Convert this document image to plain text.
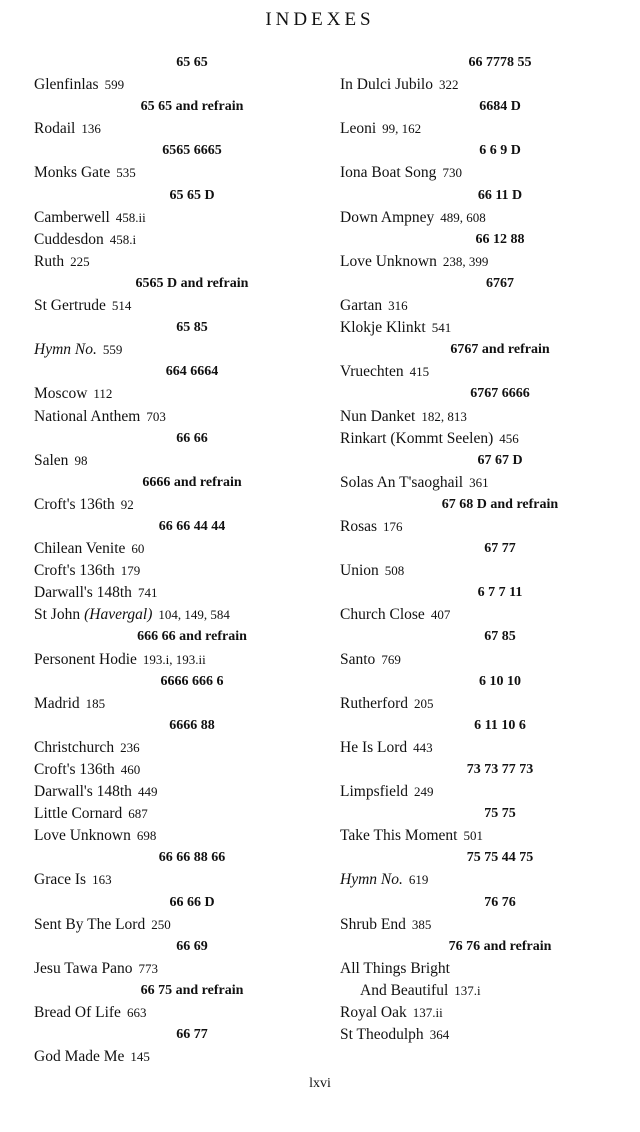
INDEXES
65 65
Glenfinlas 599
65 65 and refrain
Rodail 136
6565 6665
Monks Gate 535
65 65 D
Camberwell 458.ii
Cuddesdon 458.i
Ruth 225
6565 D and refrain
St Gertrude 514
65 85
Hymn No. 559
664 6664
Moscow 112
National Anthem 703
66 66
Salen 98
6666 and refrain
Croft's 136th 92
66 66 44 44
Chilean Venite 60
Croft's 136th 179
Darwall's 148th 741
St John (Havergal) 104, 149, 584
666 66 and refrain
Personent Hodie 193.i, 193.ii
6666 666 6
Madrid 185
6666 88
Christchurch 236
Croft's 136th 460
Darwall's 148th 449
Little Cornard 687
Love Unknown 698
66 66 88 66
Grace Is 163
66 66 D
Sent By The Lord 250
66 69
Jesu Tawa Pano 773
66 75 and refrain
Bread Of Life 663
66 77
God Made Me 145
66 7778 55
In Dulci Jubilo 322
6684 D
Leoni 99, 162
6 6 9 D
Iona Boat Song 730
66 11 D
Down Ampney 489, 608
66 12 88
Love Unknown 238, 399
6767
Gartan 316
Klokje Klinkt 541
6767 and refrain
Vruechten 415
6767 6666
Nun Danket 182, 813
Rinkart (Kommt Seelen) 456
67 67 D
Solas An T'saoghail 361
67 68 D and refrain
Rosas 176
67 77
Union 508
6 7 7 11
Church Close 407
67 85
Santo 769
6 10 10
Rutherford 205
6 11 10 6
He Is Lord 443
73 73 77 73
Limpsfield 249
75 75
Take This Moment 501
75 75 44 75
Hymn No. 619
76 76
Shrub End 385
76 76 and refrain
All Things Bright
And Beautiful 137.i
Royal Oak 137.ii
St Theodulph 364
lxvi
